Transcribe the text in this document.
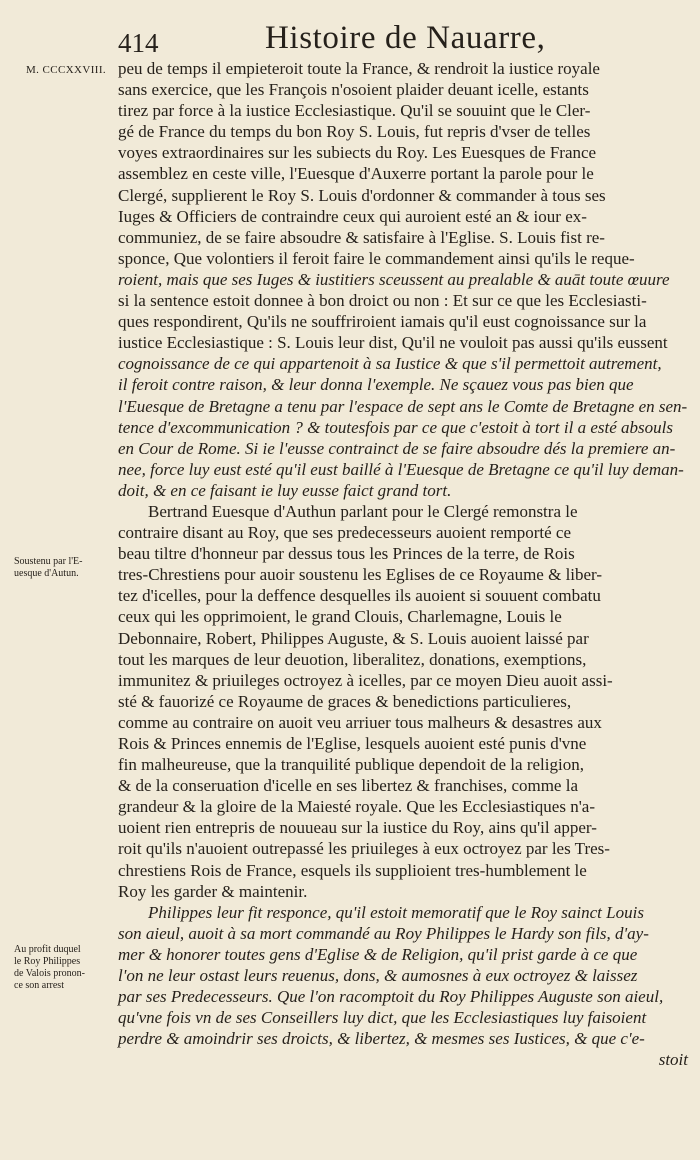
414	Histoire de Nauarre,
M. CCCXXVIII.
Soustenu par l'E-
uesque d'Autun.
Au profit duquel
le Roy Philippes
de Valois pronon-
ce son arrest
peu de temps il empieteroit toute la France, & rendroit la iustice royale
sans exercice, que les François n'osoient plaider deuant icelle, estants
tirez par force à la iustice Ecclesiastique. Qu'il se souuint que le Cler-
gé de France du temps du bon Roy S. Louis, fut repris d'vser de telles
voyes extraordinaires sur les subiects du Roy. Les Euesques de France
assemblez en ceste ville, l'Euesque d'Auxerre portant la parole pour le
Clergé, supplierent le Roy S. Louis d'ordonner & commander à tous ses
Iuges & Officiers de contraindre ceux qui auroient esté an & iour ex-
communiez, de se faire absoudre & satisfaire à l'Eglise. S. Louis fist re-
sponce, Que volontiers il feroit faire le commandement ainsi qu'ils le reque-
roient, mais que ses Iuges & iustitiers sceussent au prealable & auāt toute œuure
si la sentence estoit donnee à bon droict ou non : Et sur ce que les Ecclesiasti-
ques respondirent, Qu'ils ne souffriroient iamais qu'il eust cognoissance sur la
iustice Ecclesiastique : S. Louis leur dist, Qu'il ne vouloit pas aussi qu'ils eussent
cognoissance de ce qui appartenoit à sa Iustice & que s'il permettoit autrement,
il feroit contre raison, & leur donna l'exemple. Ne sçauez vous pas bien que
l'Euesque de Bretagne a tenu par l'espace de sept ans le Comte de Bretagne en sen-
tence d'excommunication ? & toutesfois par ce que c'estoit à tort il a esté absouls
en Cour de Rome. Si ie l'eusse contrainct de se faire absoudre dés la premiere an-
nee, force luy eust esté qu'il eust baillé à l'Euesque de Bretagne ce qu'il luy deman-
doit, & en ce faisant ie luy eusse faict grand tort.
Bertrand Euesque d'Authun parlant pour le Clergé remonstra le
contraire disant au Roy, que ses predecesseurs auoient remporté ce
beau tiltre d'honneur par dessus tous les Princes de la terre, de Rois
tres-Chrestiens pour auoir soustenu les Eglises de ce Royaume & liber-
tez d'icelles, pour la deffence desquelles ils auoient si souuent combatu
ceux qui les opprimoient, le grand Clouis, Charlemagne, Louis le
Debonnaire, Robert, Philippes Auguste, & S. Louis auoient laissé par
tout les marques de leur deuotion, liberalitez, donations, exemptions,
immunitez & priuileges octroyez à icelles, par ce moyen Dieu auoit assi-
sté & fauorizé ce Royaume de graces & benedictions particulieres,
comme au contraire on auoit veu arriuer tous malheurs & desastres aux
Rois & Princes ennemis de l'Eglise, lesquels auoient esté punis d'vne
fin malheureuse, que la tranquilité publique dependoit de la religion,
& de la conseruation d'icelle en ses libertez & franchises, comme la
grandeur & la gloire de la Maiesté royale. Que les Ecclesiastiques n'a-
uoient rien entrepris de nouueau sur la iustice du Roy, ains qu'il apper-
roit qu'ils n'auoient outrepassé les priuileges à eux octroyez par les Tres-
chrestiens Rois de France, esquels ils supplioient tres-humblement le
Roy les garder & maintenir.
Philippes leur fit responce, qu'il estoit memoratif que le Roy sainct Louis
son aieul, auoit à sa mort commandé au Roy Philippes le Hardy son fils, d'ay-
mer & honorer toutes gens d'Eglise & de Religion, qu'il prist garde à ce que
l'on ne leur ostast leurs reuenus, dons, & aumosnes à eux octroyez & laissez
par ses Predecesseurs. Que l'on racomptoit du Roy Philippes Auguste son aieul,
qu'vne fois vn de ses Conseillers luy dict, que les Ecclesiastiques luy faisoient
perdre & amoindrir ses droicts, & libertez, & mesmes ses Iustices, & que c'e-
stoit
